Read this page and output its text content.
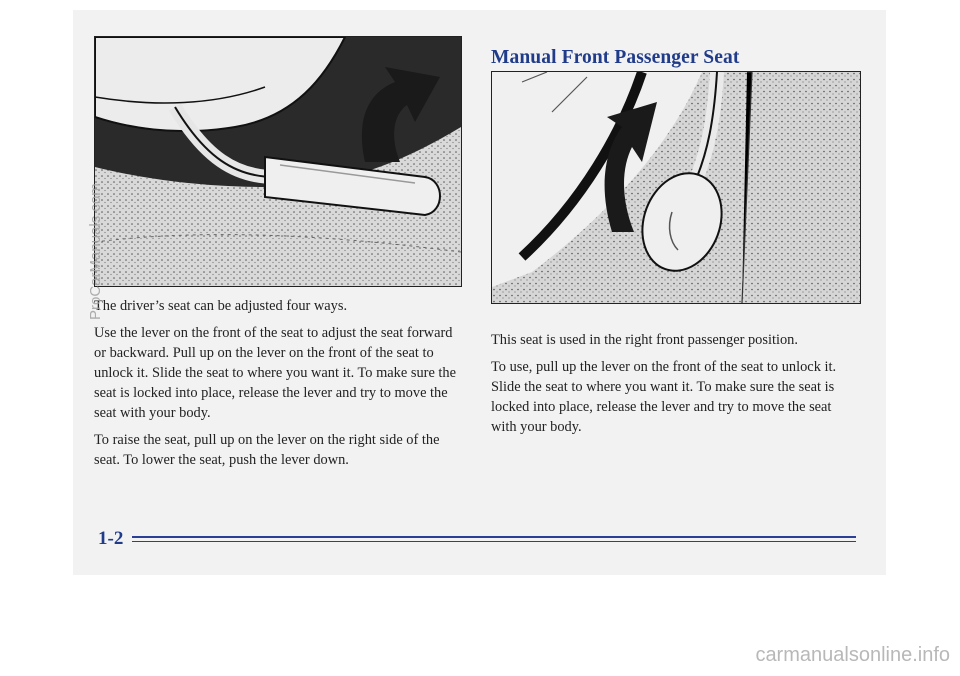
Manual Front Passenger Seat

The driver’s seat can be adjusted four ways.

Use the lever on the front of the seat to adjust the seat forward or backward. Pull up on the lever on the front of the seat to unlock it. Slide the seat to where you want it. To make sure the seat is locked into place, release the lever and try to move the seat with your body.

To raise the seat, pull up on the lever on the right side of the seat. To lower the seat, push the lever down.

This seat is used in the right front passenger position.

To use, pull up the lever on the front of the seat to unlock it. Slide the seat to where you want it. To make sure the seat is locked into place, release the lever and try to move the seat with your body.

1-2
ProCarManuals.com
carmanualsonline.info
